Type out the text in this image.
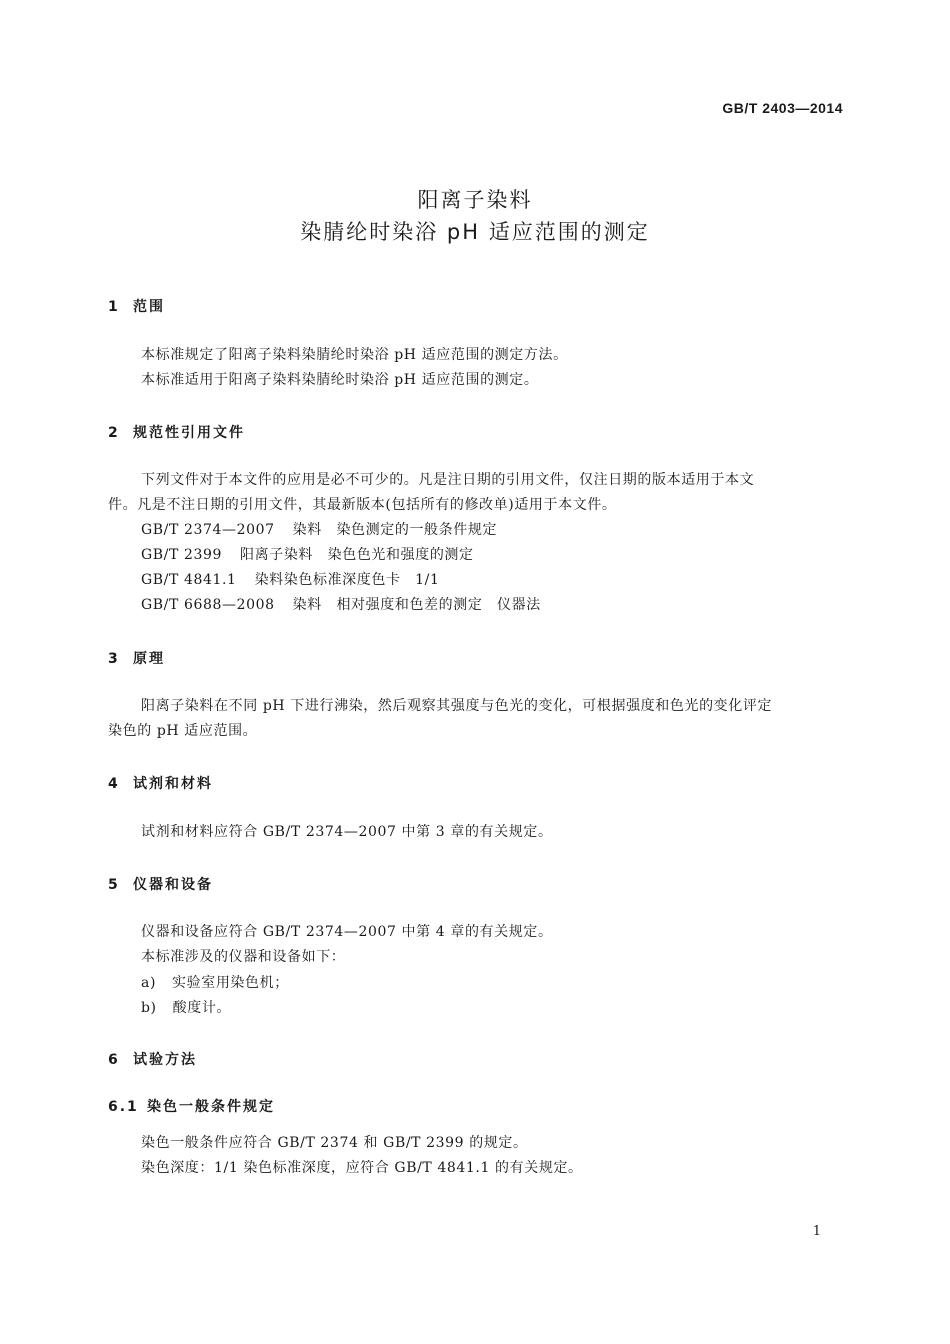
GB/T 2403—2014
阳离子染料
染腈纶时染浴 pH 适应范围的测定
1 范围
本标准规定了阳离子染料染腈纶时染浴 pH 适应范围的测定方法。
本标准适用于阳离子染料染腈纶时染浴 pH 适应范围的测定。
2 规范性引用文件
下列文件对于本文件的应用是必不可少的。凡是注日期的引用文件，仅注日期的版本适用于本文
件。凡是不注日期的引用文件，其最新版本(包括所有的修改单)适用于本文件。
GB/T 2374—2007 染料　染色测定的一般条件规定
GB/T 2399 阳离子染料　染色色光和强度的测定
GB/T 4841.1 染料染色标准深度色卡　1/1
GB/T 6688—2008 染料　相对强度和色差的测定　仪器法
3 原理
阳离子染料在不同 pH 下进行沸染，然后观察其强度与色光的变化，可根据强度和色光的变化评定
染色的 pH 适应范围。
4 试剂和材料
试剂和材料应符合 GB/T 2374—2007 中第 3 章的有关规定。
5 仪器和设备
仪器和设备应符合 GB/T 2374—2007 中第 4 章的有关规定。
本标准涉及的仪器和设备如下：
a) 实验室用染色机；
b) 酸度计。
6 试验方法
6.1 染色一般条件规定
染色一般条件应符合 GB/T 2374 和 GB/T 2399 的规定。
染色深度：1/1 染色标准深度，应符合 GB/T 4841.1 的有关规定。
1
